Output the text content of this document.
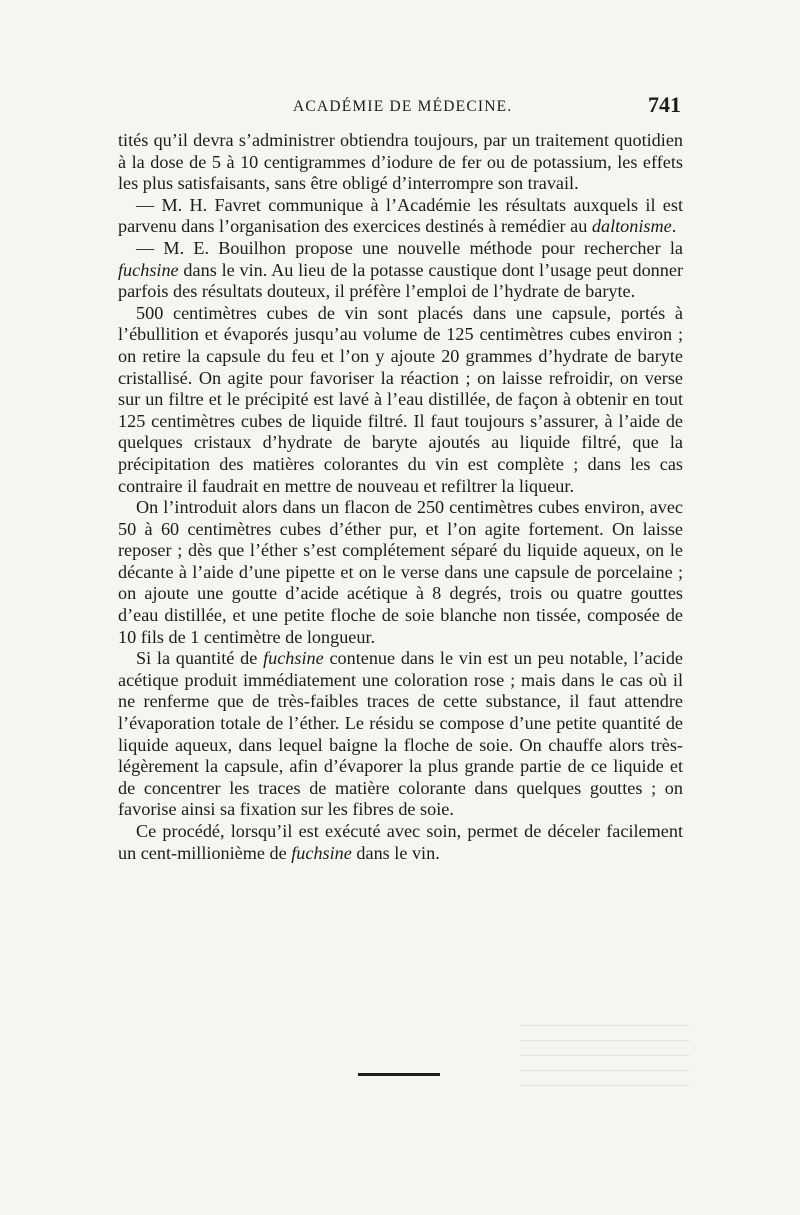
ACADÉMIE DE MÉDECINE.	741

tités qu’il devra s’administrer obtiendra toujours, par un traitement quotidien à la dose de 5 à 10 centigrammes d’iodure de fer ou de potassium, les effets les plus satisfaisants, sans être obligé d’interrompre son travail.

— M. H. Favret communique à l’Académie les résultats auxquels il est parvenu dans l’organisation des exercices destinés à remédier au daltonisme.

— M. E. Bouilhon propose une nouvelle méthode pour rechercher la fuchsine dans le vin. Au lieu de la potasse caustique dont l’usage peut donner parfois des résultats douteux, il préfère l’emploi de l’hydrate de baryte.

500 centimètres cubes de vin sont placés dans une capsule, portés à l’ébullition et évaporés jusqu’au volume de 125 centimètres cubes environ ; on retire la capsule du feu et l’on y ajoute 20 grammes d’hydrate de baryte cristallisé. On agite pour favoriser la réaction ; on laisse refroidir, on verse sur un filtre et le précipité est lavé à l’eau distillée, de façon à obtenir en tout 125 centimètres cubes de liquide filtré. Il faut toujours s’assurer, à l’aide de quelques cristaux d’hydrate de baryte ajoutés au liquide filtré, que la précipitation des matières colorantes du vin est complète ; dans les cas contraire il faudrait en mettre de nouveau et refiltrer la liqueur.

On l’introduit alors dans un flacon de 250 centimètres cubes environ, avec 50 à 60 centimètres cubes d’éther pur, et l’on agite fortement. On laisse reposer ; dès que l’éther s’est complétement séparé du liquide aqueux, on le décante à l’aide d’une pipette et on le verse dans une capsule de porcelaine ; on ajoute une goutte d’acide acétique à 8 degrés, trois ou quatre gouttes d’eau distillée, et une petite floche de soie blanche non tissée, composée de 10 fils de 1 centimètre de longueur.

Si la quantité de fuchsine contenue dans le vin est un peu notable, l’acide acétique produit immédiatement une coloration rose ; mais dans le cas où il ne renferme que de très-faibles traces de cette substance, il faut attendre l’évaporation totale de l’éther. Le résidu se compose d’une petite quantité de liquide aqueux, dans lequel baigne la floche de soie. On chauffe alors très-légèrement la capsule, afin d’évaporer la plus grande partie de ce liquide et de concentrer les traces de matière colorante dans quelques gouttes ; on favorise ainsi sa fixation sur les fibres de soie.

Ce procédé, lorsqu’il est exécuté avec soin, permet de déceler facilement un cent-millionième de fuchsine dans le vin.
